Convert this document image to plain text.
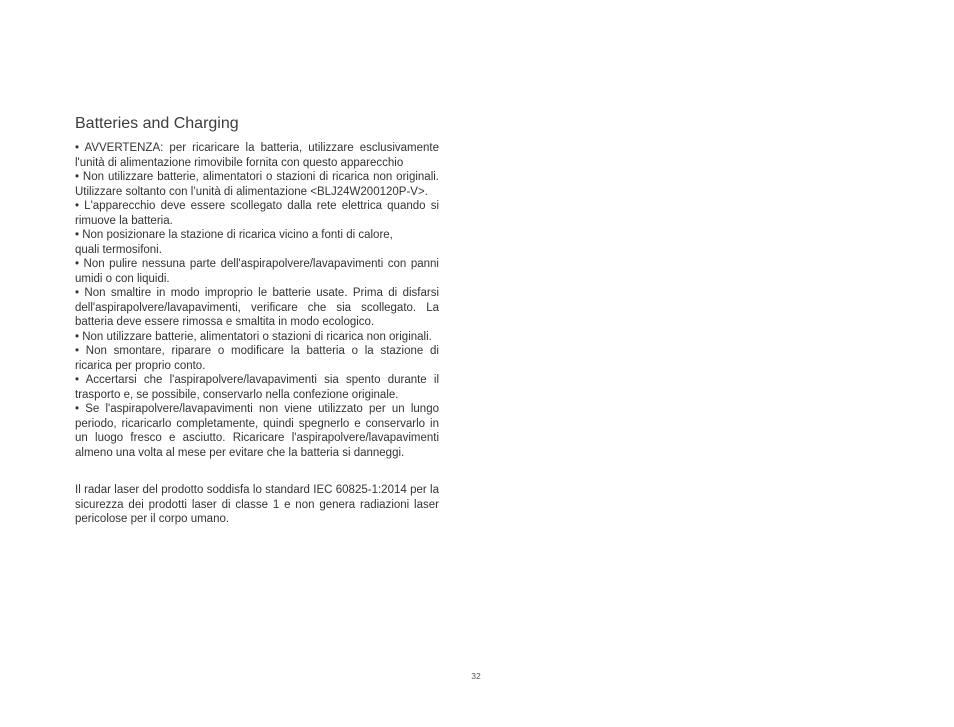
Batteries and Charging
• AVVERTENZA: per ricaricare la batteria, utilizzare esclusivamente
l'unità di alimentazione rimovibile fornita con questo apparecchio
• Non utilizzare batterie, alimentatori o stazioni di ricarica non originali.
Utilizzare soltanto con l’unità di alimentazione <BLJ24W200120P-V>.
• L'apparecchio deve essere scollegato dalla rete elettrica quando si
rimuove la batteria.
• Non posizionare la stazione di ricarica vicino a fonti di calore,
quali termosifoni.
• Non pulire nessuna parte dell'aspirapolvere/lavapavimenti con panni
umidi o con liquidi.
• Non smaltire in modo improprio le batterie usate. Prima di disfarsi
dell'aspirapolvere/lavapavimenti, verificare che sia scollegato. La
batteria deve essere rimossa e smaltita in modo ecologico.
• Non utilizzare batterie, alimentatori o stazioni di ricarica non originali.
• Non smontare, riparare o modificare la batteria o la stazione di
ricarica per proprio conto.
• Accertarsi che l'aspirapolvere/lavapavimenti sia spento durante il
trasporto e, se possibile, conservarlo nella confezione originale.
• Se l'aspirapolvere/lavapavimenti non viene utilizzato per un lungo
periodo, ricaricarlo completamente, quindi spegnerlo e conservarlo in
un luogo fresco e asciutto. Ricaricare l'aspirapolvere/lavapavimenti
almeno una volta al mese per evitare che la batteria si danneggi.
Il radar laser del prodotto soddisfa lo standard IEC 60825-1:2014 per la
sicurezza dei prodotti laser di classe 1 e non genera radiazioni laser
pericolose per il corpo umano.
32
